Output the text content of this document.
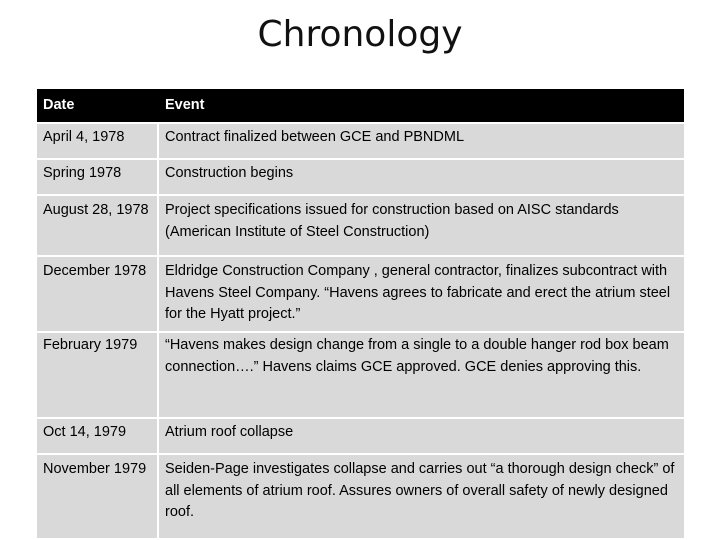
Chronology
Date	Event
April 4, 1978	Contract finalized between GCE and PBNDML
Spring 1978	Construction begins
August 28, 1978	Project specifications issued for construction based on AISC standards (American Institute of Steel Construction)
December 1978	Eldridge Construction Company , general contractor, finalizes subcontract with Havens Steel Company. “Havens agrees to fabricate and erect the atrium steel for the Hyatt project.”
February 1979	“Havens makes design change from a single to a double hanger rod box beam connection….” Havens claims GCE approved. GCE denies approving this.
Oct 14, 1979	Atrium roof collapse
November 1979	Seiden-Page investigates collapse and carries out “a thorough design check” of all elements of atrium roof. Assures owners of overall safety of newly designed roof.
